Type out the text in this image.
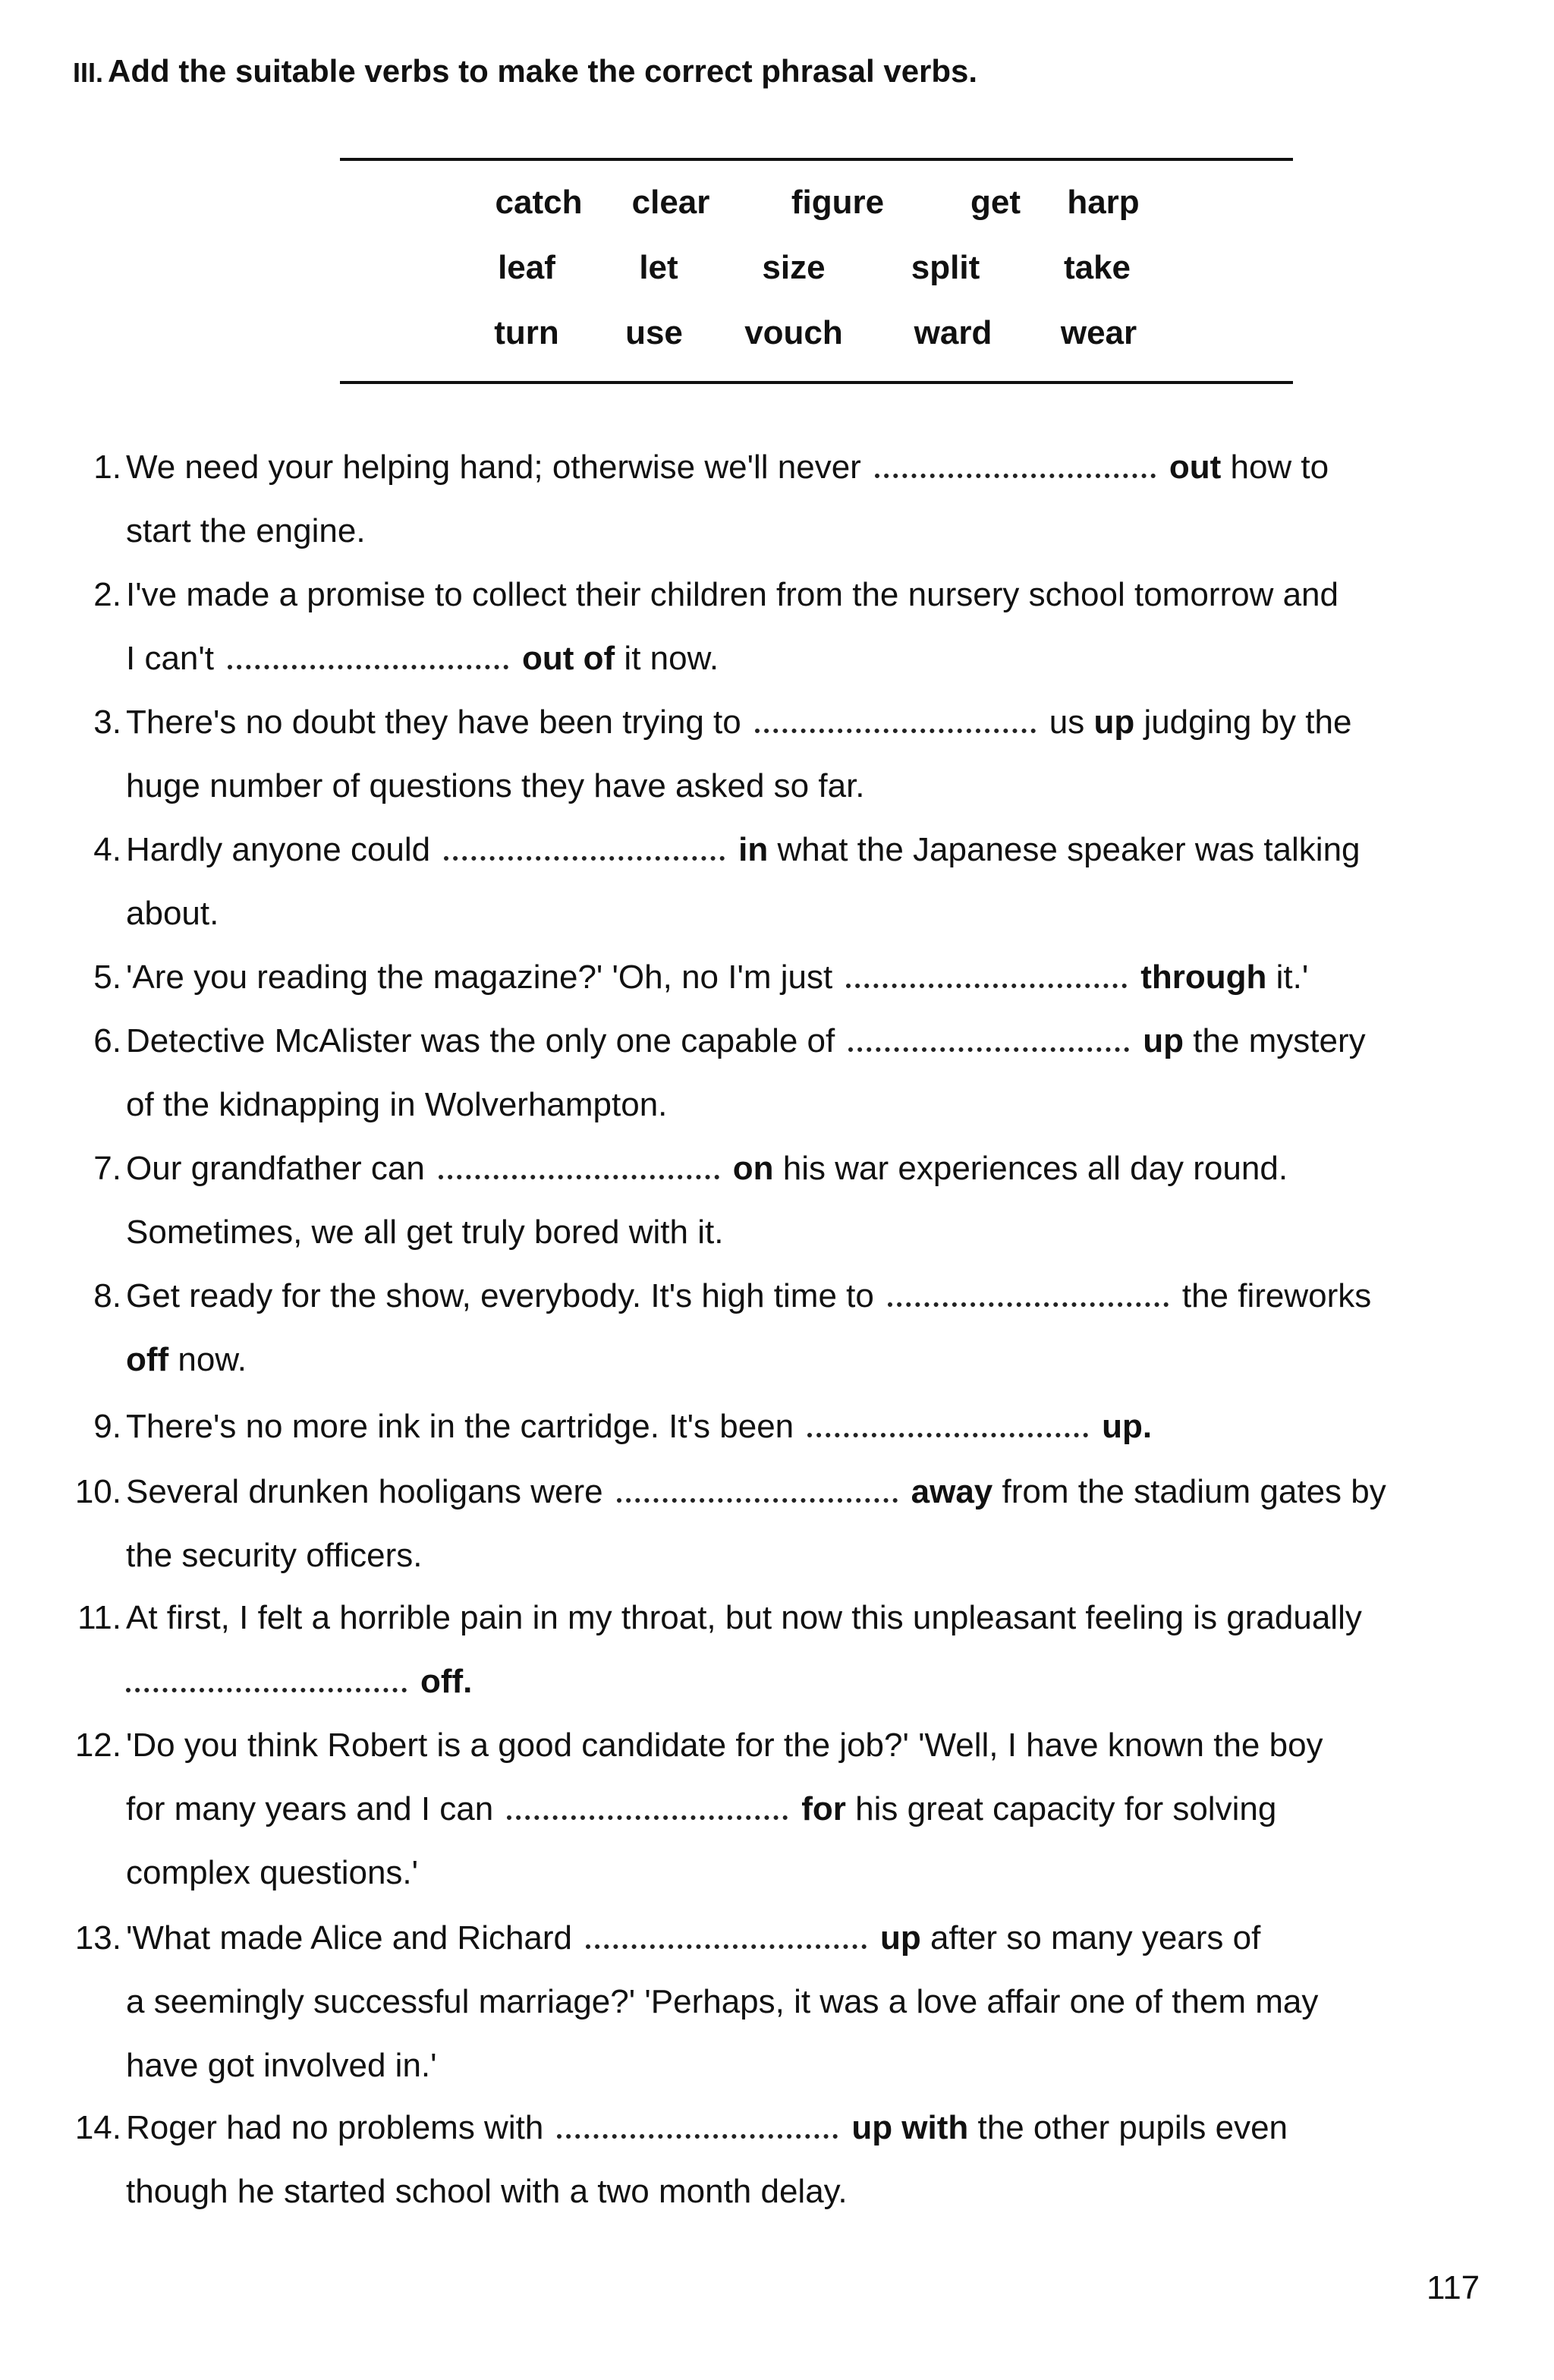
III. Add the suitable verbs to make the correct phrasal verbs.
catch clear figure	get harp
leaf	let	size	split	take
turn use vouch ward wear
1. We need your helping hand; otherwise we'll never	out how to
start the engine.
2. I've made a promise to collect their children from the nursery school tomorrow and
I can't	out of it now.
3. There's no doubt they have been trying to	us up judging by the
huge number of questions they have asked so far.
4. Hardly anyone could	in what the Japanese speaker was talking
about.
5. 'Are you reading the magazine?' 'Oh, no I'm just	through it.'
6. Detective McAlister was the only one capable of	up the mystery
of the kidnapping in Wolverhampton.
7. Our grandfather can	on his war experiences all day round.
Sometimes, we all get truly bored with it.
8. Get ready for the show, everybody. It's high time to	the fireworks
off now.
9. There's no more ink in the cartridge. It's been	up.
10. Several drunken hooligans were	away from the stadium gates by
the security officers.
11. At first, I felt a horrible pain in my throat, but now this unpleasant feeling is gradually
off.
12. 'Do you think Robert is a good candidate for the job?' 'Well, I have known the boy
for many years and I can	for his great capacity for solving
complex questions.'
13. 'What made Alice and Richard	up after so many years of
a seemingly successful marriage?' 'Perhaps, it was a love affair one of them may
have got involved in.'
14. Roger had no problems with	up with the other pupils even
though he started school with a two month delay.
117
